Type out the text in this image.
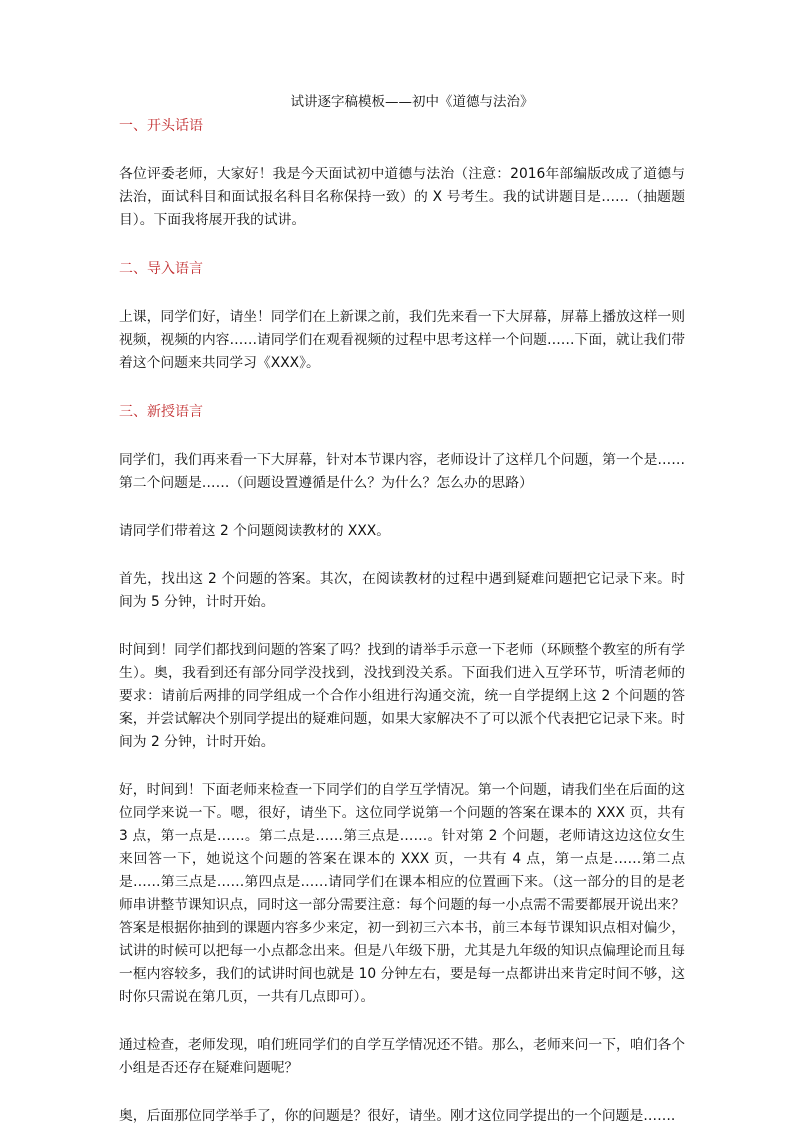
试讲逐字稿模板——初中《道德与法治》
一、开头话语

各位评委老师，大家好！我是今天面试初中道德与法治（注意：2016年部编版改成了道德与法治，面试科目和面试报名科目名称保持一致）的 X 号考生。我的试讲题目是……（抽题题目）。下面我将展开我的试讲。

二、导入语言

上课，同学们好，请坐！同学们在上新课之前，我们先来看一下大屏幕，屏幕上播放这样一则视频，视频的内容……请同学们在观看视频的过程中思考这样一个问题……下面，就让我们带着这个问题来共同学习《XXX》。

三、新授语言

同学们，我们再来看一下大屏幕，针对本节课内容，老师设计了这样几个问题，第一个是……第二个问题是……（问题设置遵循是什么？为什么？怎么办的思路）

请同学们带着这 2 个问题阅读教材的 XXX。

首先，找出这 2 个问题的答案。其次，在阅读教材的过程中遇到疑难问题把它记录下来。时间为 5 分钟，计时开始。

时间到！同学们都找到问题的答案了吗？找到的请举手示意一下老师（环顾整个教室的所有学生）。奥，我看到还有部分同学没找到，没找到没关系。下面我们进入互学环节，听清老师的要求：请前后两排的同学组成一个合作小组进行沟通交流，统一自学提纲上这 2 个问题的答案，并尝试解决个别同学提出的疑难问题，如果大家解决不了可以派个代表把它记录下来。时间为 2 分钟，计时开始。

好，时间到！下面老师来检查一下同学们的自学互学情况。第一个问题，请我们坐在后面的这位同学来说一下。嗯，很好，请坐下。这位同学说第一个问题的答案在课本的 XXX 页，共有 3 点，第一点是……。第二点是……第三点是……。针对第 2 个问题，老师请这边这位女生来回答一下，她说这个问题的答案在课本的 XXX 页，一共有 4 点，第一点是……第二点是……第三点是……第四点是……请同学们在课本相应的位置画下来。（这一部分的目的是老师串讲整节课知识点，同时这一部分需要注意：每个问题的每一小点需不需要都展开说出来？答案是根据你抽到的课题内容多少来定，初一到初三六本书，前三本每节课知识点相对偏少，试讲的时候可以把每一小点都念出来。但是八年级下册，尤其是九年级的知识点偏理论而且每一框内容较多，我们的试讲时间也就是 10 分钟左右，要是每一点都讲出来肯定时间不够，这时你只需说在第几页，一共有几点即可）。

通过检查，老师发现，咱们班同学们的自学互学情况还不错。那么，老师来问一下，咱们各个小组是否还存在疑难问题呢？

奥，后面那位同学举手了，你的问题是？很好，请坐。刚才这位同学提出的一个问题是…….
